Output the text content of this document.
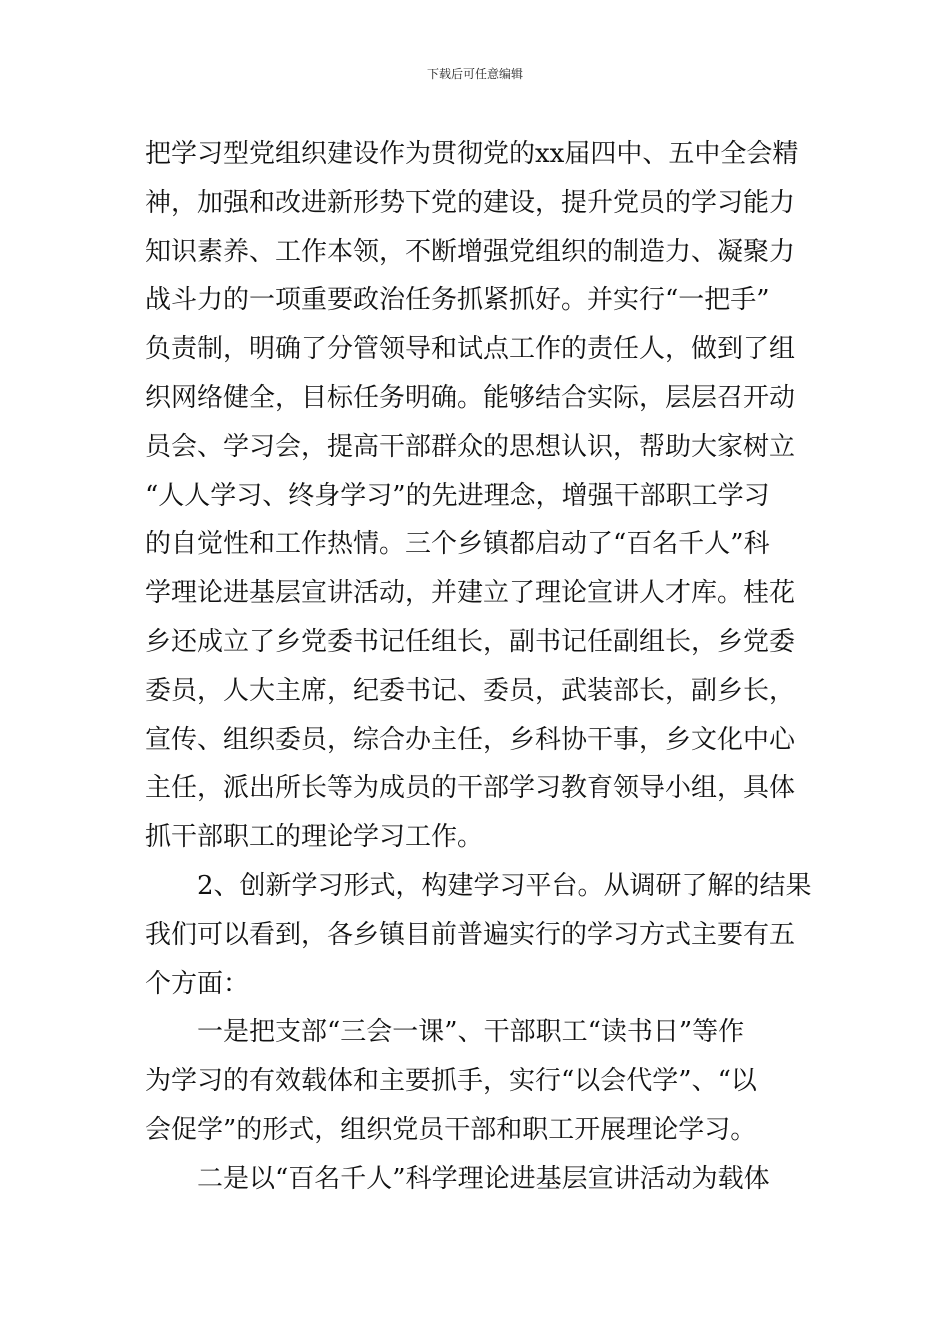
下载后可任意编辑
把学习型党组织建设作为贯彻党的xx届四中、五中全会精
神，加强和改进新形势下党的建设，提升党员的学习能力
知识素养、工作本领，不断增强党组织的制造力、凝聚力
战斗力的一项重要政治任务抓紧抓好。并实行“一把手”
负责制，明确了分管领导和试点工作的责任人，做到了组
织网络健全，目标任务明确。能够结合实际，层层召开动
员会、学习会，提高干部群众的思想认识，帮助大家树立
“人人学习、终身学习”的先进理念，增强干部职工学习
的自觉性和工作热情。三个乡镇都启动了“百名千人”科
学理论进基层宣讲活动，并建立了理论宣讲人才库。桂花
乡还成立了乡党委书记任组长，副书记任副组长，乡党委
委员，人大主席，纪委书记、委员，武装部长，副乡长，
宣传、组织委员，综合办主任，乡科协干事，乡文化中心
主任，派出所长等为成员的干部学习教育领导小组，具体
抓干部职工的理论学习工作。
2、创新学习形式，构建学习平台。从调研了解的结果
我们可以看到，各乡镇目前普遍实行的学习方式主要有五
个方面：
一是把支部“三会一课”、干部职工“读书日”等作
为学习的有效载体和主要抓手，实行“以会代学”、“以
会促学”的形式，组织党员干部和职工开展理论学习。
二是以“百名千人”科学理论进基层宣讲活动为载体
